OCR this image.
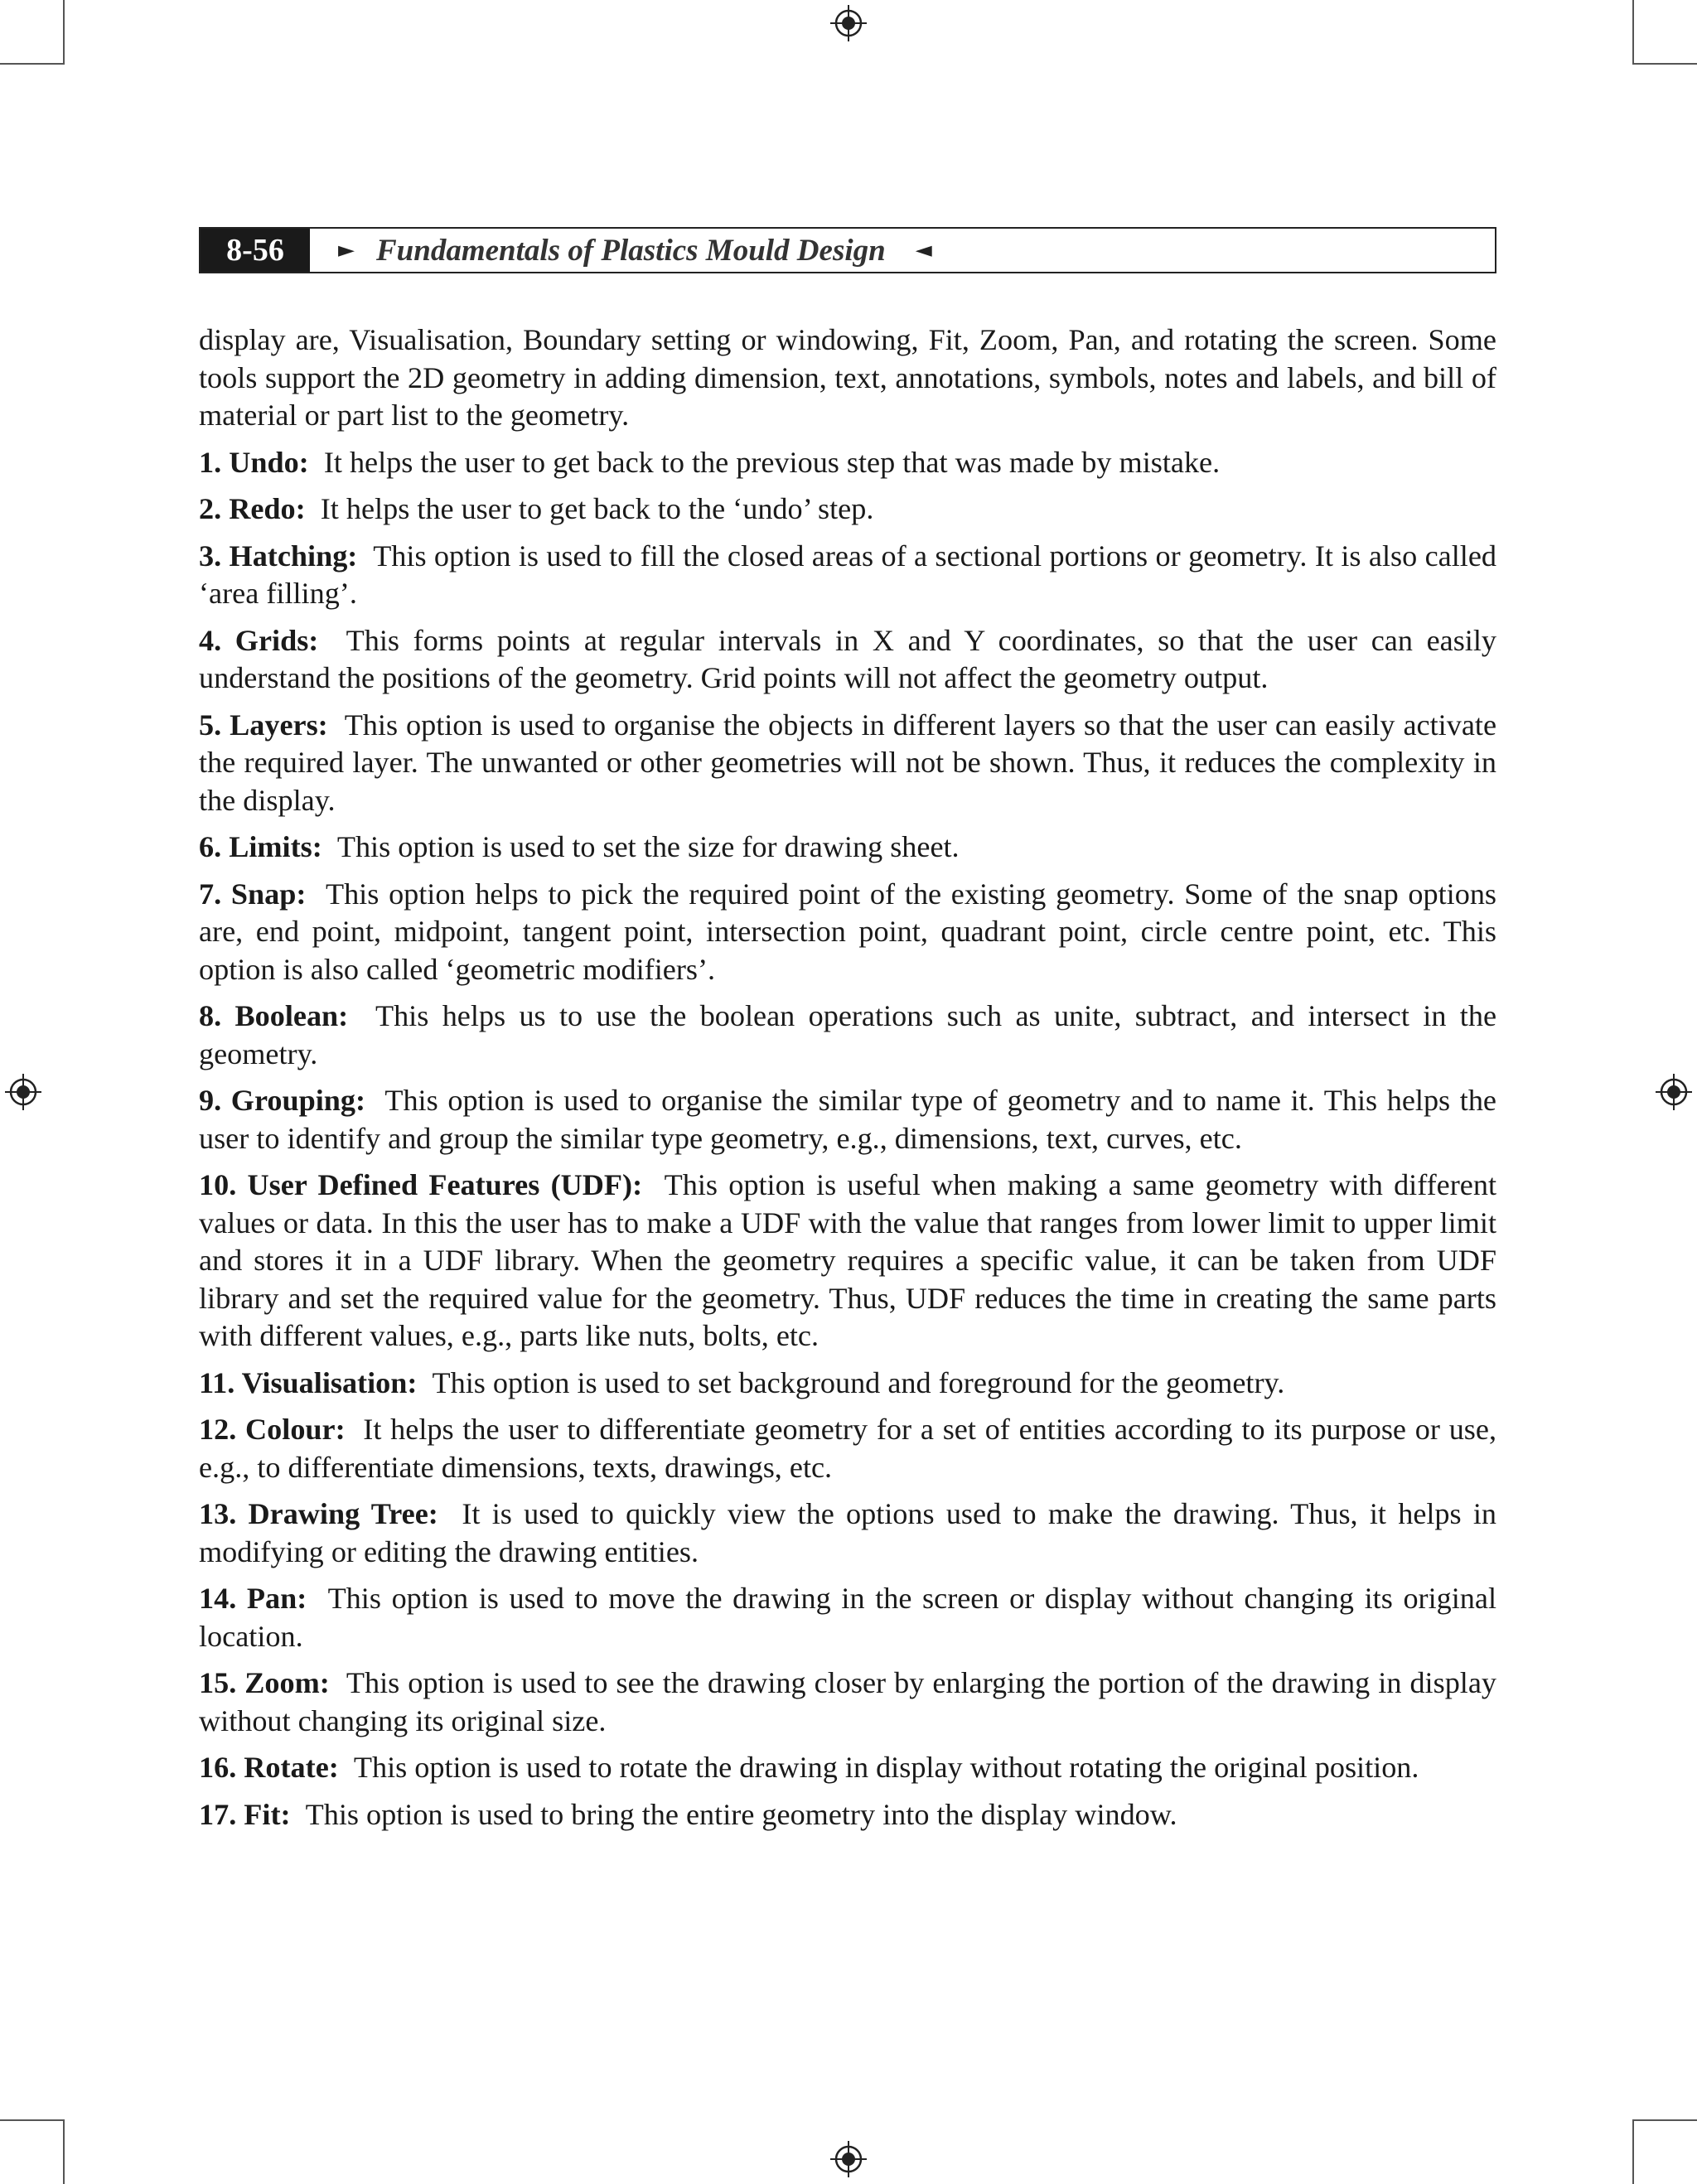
8-56	► Fundamentals of Plastics Mould Design ◄

display are, Visualisation, Boundary setting or windowing, Fit, Zoom, Pan, and rotating the screen. Some tools support the 2D geometry in adding dimension, text, annotations, symbols, notes and labels, and bill of material or part list to the geometry.

1. Undo: It helps the user to get back to the previous step that was made by mistake.

2. Redo: It helps the user to get back to the ‘undo’ step.

3. Hatching: This option is used to fill the closed areas of a sectional portions or geometry. It is also called ‘area filling’.

4. Grids: This forms points at regular intervals in X and Y coordinates, so that the user can easily understand the positions of the geometry. Grid points will not affect the geometry output.

5. Layers: This option is used to organise the objects in different layers so that the user can easily activate the required layer. The unwanted or other geometries will not be shown. Thus, it reduces the complexity in the display.

6. Limits: This option is used to set the size for drawing sheet.

7. Snap: This option helps to pick the required point of the existing geometry. Some of the snap options are, end point, midpoint, tangent point, intersection point, quadrant point, circle centre point, etc. This option is also called ‘geometric modifiers’.

8. Boolean: This helps us to use the boolean operations such as unite, subtract, and intersect in the geometry.

9. Grouping: This option is used to organise the similar type of geometry and to name it. This helps the user to identify and group the similar type geometry, e.g., dimensions, text, curves, etc.

10. User Defined Features (UDF): This option is useful when making a same geometry with different values or data. In this the user has to make a UDF with the value that ranges from lower limit to upper limit and stores it in a UDF library. When the geometry requires a specific value, it can be taken from UDF library and set the required value for the geometry. Thus, UDF reduces the time in creating the same parts with different values, e.g., parts like nuts, bolts, etc.

11. Visualisation: This option is used to set background and foreground for the geometry.

12. Colour: It helps the user to differentiate geometry for a set of entities according to its purpose or use, e.g., to differentiate dimensions, texts, drawings, etc.

13. Drawing Tree: It is used to quickly view the options used to make the drawing. Thus, it helps in modifying or editing the drawing entities.

14. Pan: This option is used to move the drawing in the screen or display without changing its original location.

15. Zoom: This option is used to see the drawing closer by enlarging the portion of the drawing in display without changing its original size.

16. Rotate: This option is used to rotate the drawing in display without rotating the original position.

17. Fit: This option is used to bring the entire geometry into the display window.
